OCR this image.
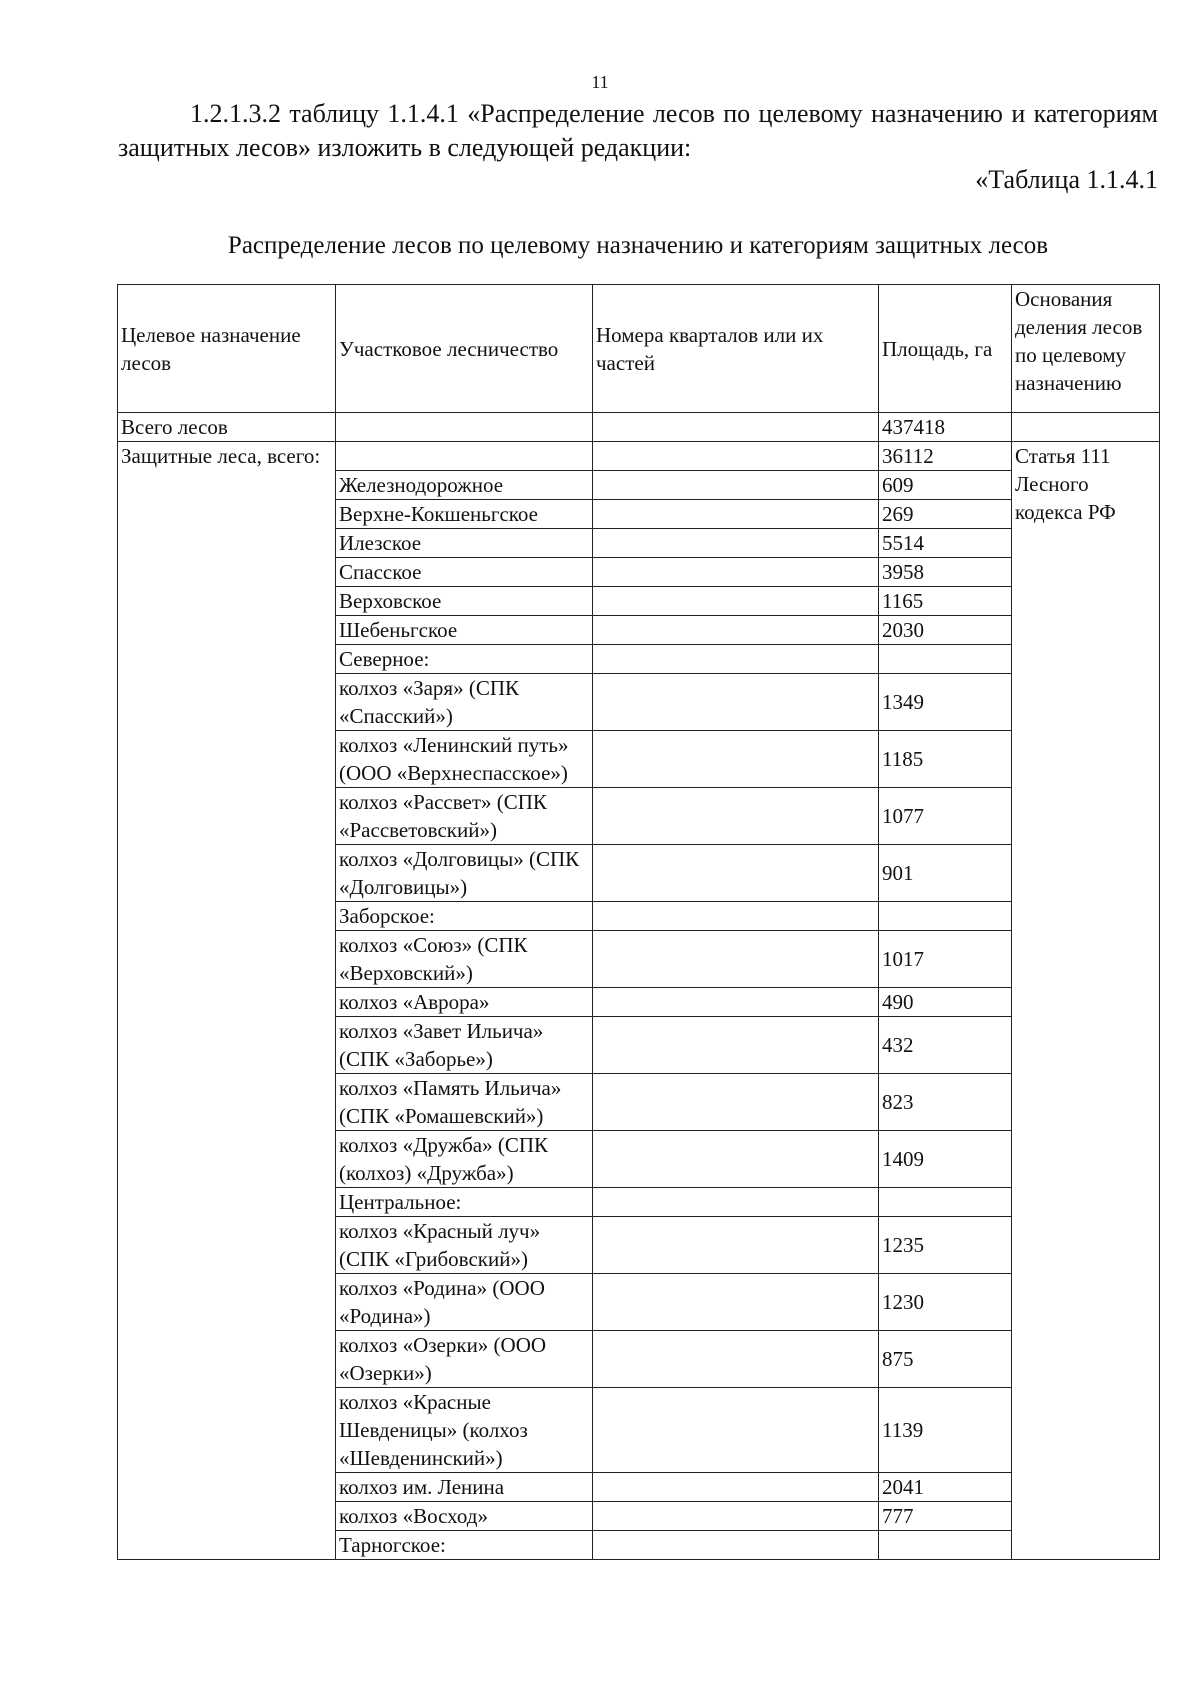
11

1.2.1.3.2 таблицу 1.1.4.1 «Распределение лесов по целевому назначению и категориям защитных лесов» изложить в следующей редакции:

«Таблица 1.1.4.1
Распределение лесов по целевому назначению и категориям защитных лесов
Целевое назначение лесов	Участковое лесничество	Номера кварталов или их частей	Площадь, га	Основания деления лесов по целевому назначению
Всего лесов			437418	
Защитные леса, всего:			36112	Статья 111 Лесного кодекса РФ
	Железнодорожное		609	
	Верхне-Кокшеньгское		269	
	Илезское		5514	
	Спасское		3958	
	Верховское		1165	
	Шебеньгское		2030	
	Северное:			
	колхоз «Заря» (СПК «Спасский»)		1349	
	колхоз «Ленинский путь» (ООО «Верхнеспасское»)		1185	
	колхоз «Рассвет» (СПК «Рассветовский»)		1077	
	колхоз «Долговицы» (СПК «Долговицы»)		901	
	Заборское:			
	колхоз «Союз» (СПК «Верховский»)		1017	
	колхоз «Аврора»		490	
	колхоз «Завет Ильича» (СПК «Заборье»)		432	
	колхоз «Память Ильича» (СПК «Ромашевский»)		823	
	колхоз «Дружба» (СПК (колхоз) «Дружба»)		1409	
	Центральное:			
	колхоз «Красный луч» (СПК «Грибовский»)		1235	
	колхоз «Родина» (ООО «Родина»)		1230	
	колхоз «Озерки» (ООО «Озерки»)		875	
	колхоз «Красные Шевденицы» (колхоз «Шевденинский»)		1139	
	колхоз им. Ленина		2041	
	колхоз «Восход»		777	
	Тарногское:			
